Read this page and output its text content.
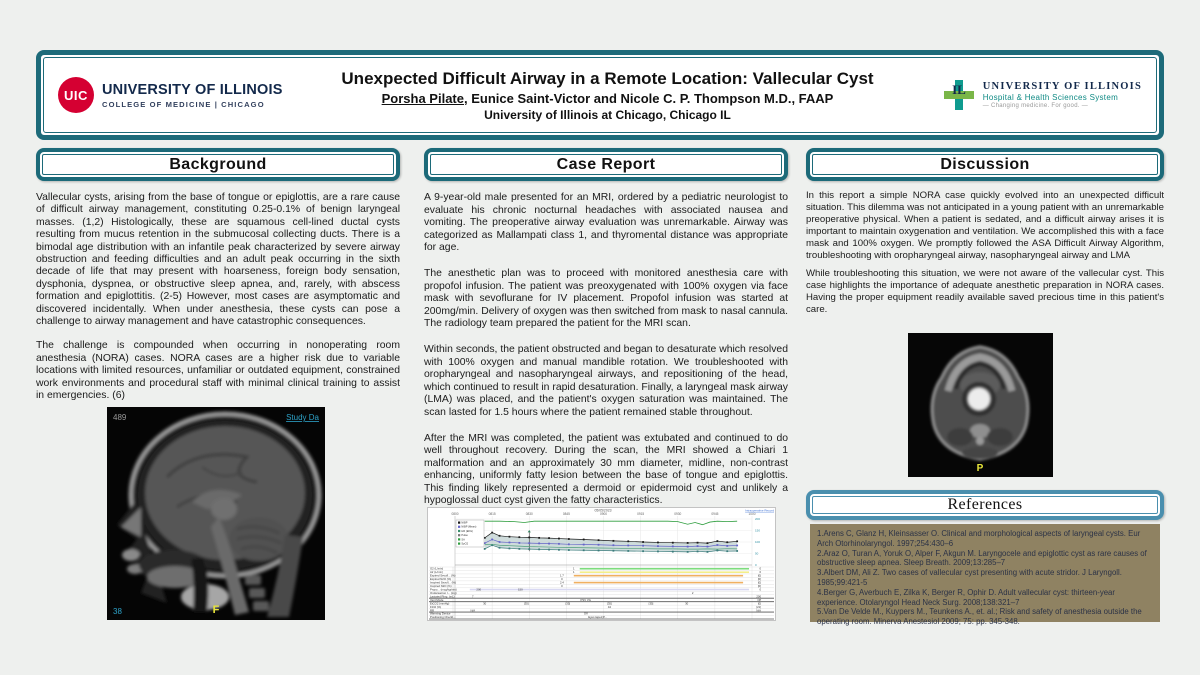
UIC UNIVERSITY OF ILLINOIS
COLLEGE OF MEDICINE | CHICAGO
Unexpected Difficult Airway in a Remote Location: Vallecular Cyst
Porsha Pilate, Eunice Saint-Victor and Nicole C. P. Thompson M.D., FAAP
University of Illinois at Chicago, Chicago IL
IL UNIVERSITY OF ILLINOIS
Hospital & Health Sciences System
— Changing medicine. For good. —
Background	Case Report	Discussion

Vallecular cysts, arising from the base of tongue or epiglottis, are a rare cause of difficult airway management, constituting 0.25-0.1% of benign laryngeal masses. (1,2) Histologically, these are squamous cell-lined ductal cysts resulting from mucus retention in the submucosal collecting ducts. There is a bimodal age distribution with an infantile peak characterized by severe airway obstruction and feeding difficulties and an adult peak occurring in the sixth decade of life that may present with hoarseness, foreign body sensation, dysphonia, dyspnea, or obstructive sleep apnea, and, rarely, with abscess formation and epiglottitis. (2-5) However, most cases are asymptomatic and discovered incidentally. When under anesthesia, these cysts can pose a challenge to airway management and have catastrophic consequences.

The challenge is compounded when occurring in nonoperating room anesthesia (NORA) cases. NORA cases are a higher risk due to variable locations with limited resources, unfamiliar or outdated equipment, constrained work environments and procedural staff with minimal clinical training to assist in emergencies. (6)

A 9-year-old male presented for an MRI, ordered by a pediatric neurologist to evaluate his chronic nocturnal headaches with associated nausea and vomiting. The preoperative airway evaluation was unremarkable. Airway was categorized as Mallampati class 1, and thyromental distance was appropriate for age.

The anesthetic plan was to proceed with monitored anesthesia care with propofol infusion. The patient was preoxygenated with 100% oxygen via face mask with sevoflurane for IV placement. Propofol infusion was started at 200mg/min. Delivery of oxygen was then switched from mask to nasal cannula. The radiology team prepared the patient for the MRI scan.

Within seconds, the patient obstructed and began to desaturate which resolved with 100% oxygen and manual mandible rotation. We troubleshooted with oropharyngeal and nasopharyngeal airways, and repositioning of the head, which continued to result in rapid desaturation. Finally, a laryngeal mask airway (LMA) was placed, and the patient's oxygen saturation was maintained. The scan lasted for 1.5 hours where the patient remained stable throughout.

After the MRI was completed, the patient was extubated and continued to do well throughout recovery. During the scan, the MRI showed a Chiari 1 malformation and an approximately 30 mm diameter, midline, non-contrast enhancing, uniformly fatty lesion between the base of tongue and epiglottis. This finding likely represented a dermoid or epidermoid cyst and unlikely a hypoglossal duct cyst given the fatty characteristics.

In this report a simple NORA case quickly evolved into an unexpected difficult situation. This dilemma was not anticipated in a young patient with an unremarkable preoperative physical. When a patient is sedated, and a difficult airway arises it is important to maintain oxygenation and ventilation. We accomplished this with a face mask and 100% oxygen. We promptly followed the ASA Difficult Airway Algorithm, troubleshooting with oropharyngeal airway, nasopharyngeal airway and LMA

While troubleshooting this situation, we were not aware of the vallecular cyst. This case highlights the importance of adequate anesthetic preparation in NORA cases. Having the proper equipment readily available saved precious time in this patient's care.

489	Study Da
38	F
0800	0815	0830	0845	0900	0915	0930	0945	1000
200
150
100
50
0
05/05/2023	Intraoperative Record
NIBP
NIBP (Mean)
HR (EKG)
Pulse
SA
SpO2
O2 (L/min)	1	0
Air (L/min)	1	0
Expired Sevofl... (%)	1.7	[0]
Expired N2O (%)	0	[0]
Inspired Sevofl... (%)	2.4	[0]
Inspired N2O (%)	0	[0]
Propo... (mcg/kg/min)	200	150	0
Ondansetron I... (mg)	2
Lactated Ring. (mL)	7	200
Vent Mode	PSV VG	Off
EtCO2 (mmHg)	30	[35]	[35]	[35]	[35]	30	[0]
FiO2 (%)	44	[21]
RR	N/A	N/A
Warming Device	Off
Positioning Checkl...	Eyes taped;P...
P
References
1.Arens C, Glanz H, Kleinsasser O. Clinical and morphological aspects of laryngeal cysts. Eur Arch Otorhinolaryngol. 1997;254:430–6
2.Araz O, Turan A, Yoruk O, Alper F, Akgun M. Laryngocele and epiglottic cyst as rare causes of obstructive sleep apnea. Sleep Breath. 2009;13:285–7
3.Albert DM, Ali Z. Two cases of vallecular cyst presenting with acute stridor. J Laryngoll. 1985;99:421-5
4.Berger G, Averbuch E, Zilka K, Berger R, Ophir D. Adult vallecular cyst: thirteen-year experience. Otolaryngol Head Neck Surg. 2008;138:321–7
5.Van De Velde M., Kuypers M., Teunkens A., et. al.; Risk and safety of anesthesia outside the operating room. Minerva Anestesiol 2009; 75: pp. 345-348.
